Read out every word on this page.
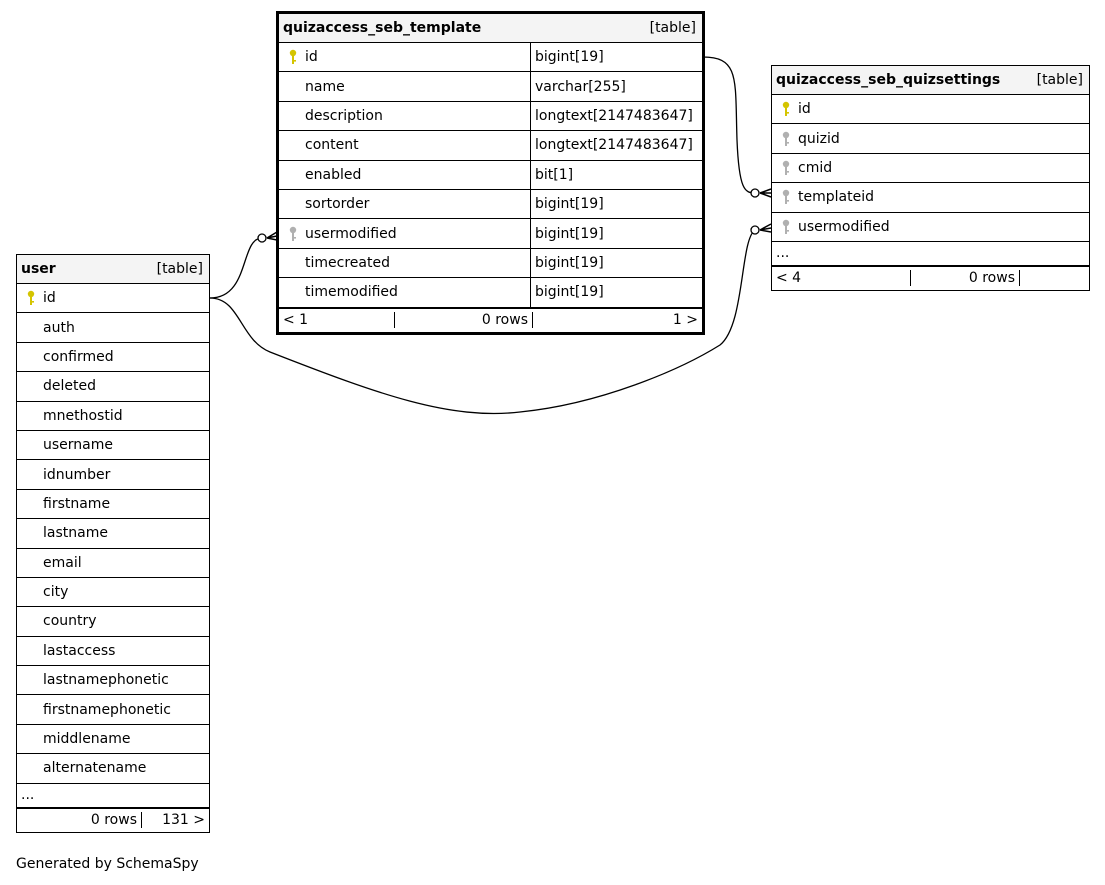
quizaccess_seb_template	[table]
id	bigint[19]
name	varchar[255]
description	longtext[2147483647]
content	longtext[2147483647]
enabled	bit[1]
sortorder	bigint[19]
usermodified	bigint[19]
timecreated	bigint[19]
timemodified	bigint[19]
< 1	0 rows	1 >
quizaccess_seb_quizsettings	[table]
id
quizid
cmid
templateid
usermodified
...
< 4	0 rows
user	[table]
id
auth
confirmed
deleted
mnethostid
username
idnumber
firstname
lastname
email
city
country
lastaccess
lastnamephonetic
firstnamephonetic
middlename
alternatename
...
0 rows	131 >
Generated by SchemaSpy
